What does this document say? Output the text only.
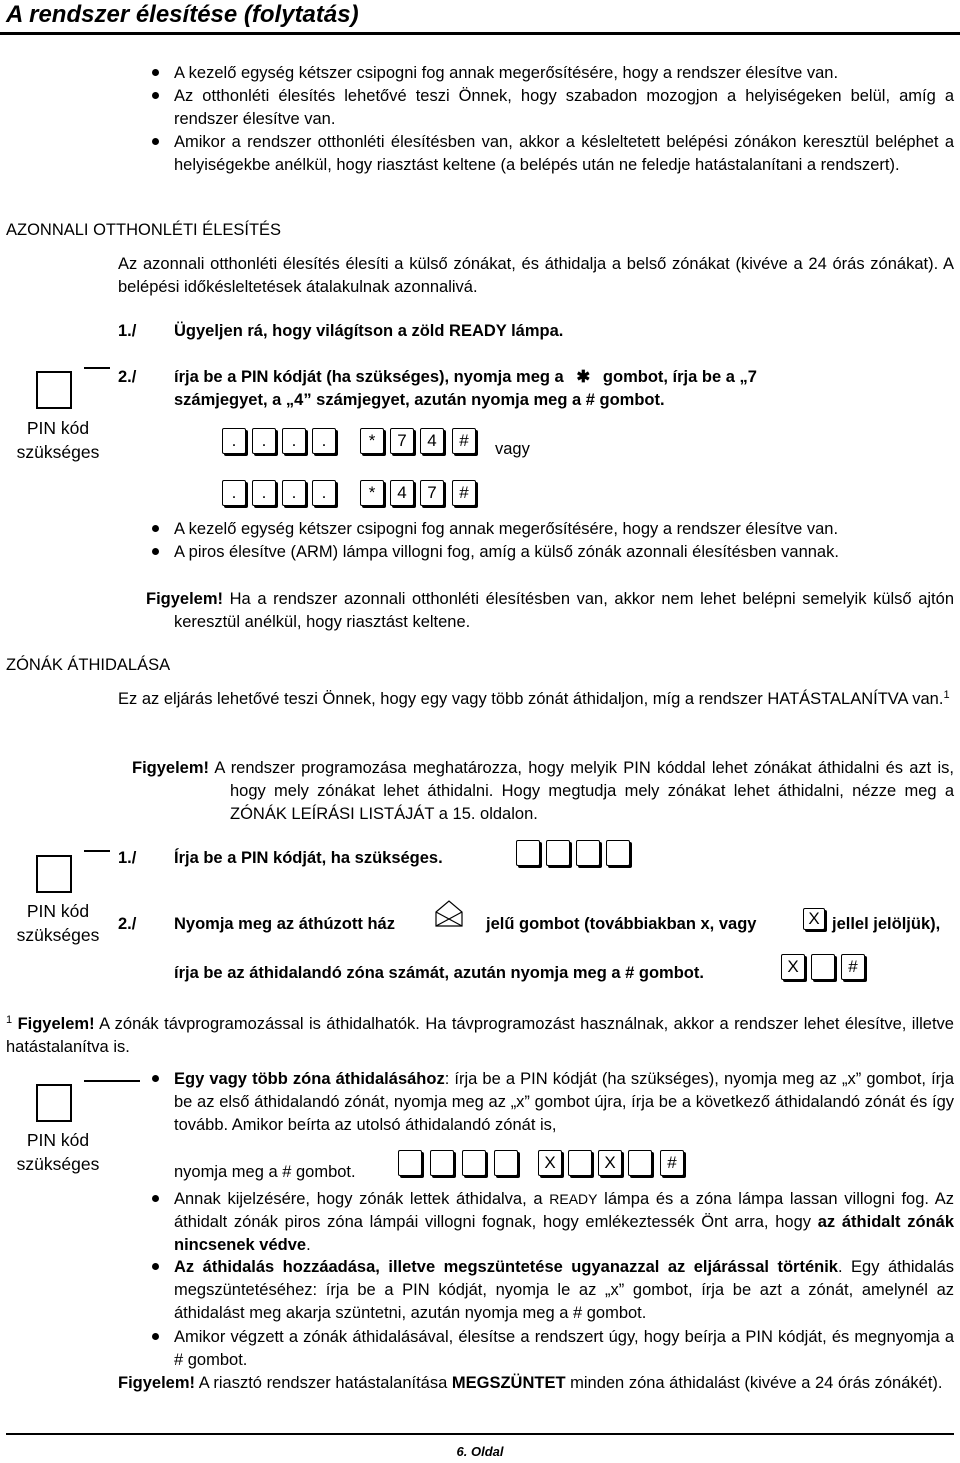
A rendszer élesítése (folytatás)
A kezelő egység kétszer csipogni fog annak megerősítésére, hogy a rendszer élesítve van.
Az otthonléti élesítés lehetővé teszi Önnek, hogy szabadon mozogjon a helyiségeken belül, amíg a rendszer élesítve van.
Amikor a rendszer otthonléti élesítésben van, akkor a késleltetett belépési zónákon keresztül beléphet a helyiségekbe anélkül, hogy riasztást keltene (a belépés után ne feledje hatástalanítani a rendszert).
AZONNALI OTTHONLÉTI ÉLESÍTÉS
Az azonnali otthonléti élesítés élesíti a külső zónákat, és áthidalja a belső zónákat (kivéve a 24 órás zónákat). A belépési időkésleltetések átalakulnak azonnalivá.
1./ Ügyeljen rá, hogy világítson a zöld READY lámpa.
PIN kód
szükséges
2./ írja be a PIN kódját (ha szükséges), nyomja meg a ✱ gombot, írja be a „7
számjegyet, a „4” számjegyet, azután nyomja meg a # gombot.
.	.	.	.	*	7	4	#	vagy
.	.	.	.	*	4	7	#
A kezelő egység kétszer csipogni fog annak megerősítésére, hogy a rendszer élesítve van.
A piros élesítve (ARM) lámpa villogni fog, amíg a külső zónák azonnali élesítésben vannak.
Figyelem! Ha a rendszer azonnali otthonléti élesítésben van, akkor nem lehet belépni semelyik külső ajtón keresztül anélkül, hogy riasztást keltene.
ZÓNÁK ÁTHIDALÁSA
Ez az eljárás lehetővé teszi Önnek, hogy egy vagy több zónát áthidaljon, míg a rendszer HATÁSTALANÍTVA van.$^1$
Figyelem! A rendszer programozása meghatározza, hogy melyik PIN kóddal lehet zónákat áthidalni és azt is, hogy mely zónákat lehet áthidalni. Hogy megtudja mely zónákat lehet áthidalni, nézze meg a ZÓNÁK LEÍRÁSI LISTÁJÁT a 15. oldalon.
PIN kód
szükséges
1./ Írja be a PIN kódját, ha szükséges.
2./ Nyomja meg az áthúzott ház	jelű gombot (továbbiakban x, vagy	X jellel jelöljük),
írja be az áthidalandó zóna számát, azután nyomja meg a # gombot.	X	#
$^1$ Figyelem! A zónák távprogramozással is áthidalhatók. Ha távprogramozást használnak, akkor a rendszer lehet élesítve, illetve hatástalanítva is.
PIN kód
szükséges
Egy vagy több zóna áthidalásához: írja be a PIN kódját (ha szükséges), nyomja meg az „x” gombot, írja be az első áthidalandó zónát, nyomja meg az „x” gombot újra, írja be a következő áthidalandó zónát és így tovább. Amikor beírta az utolsó áthidalandó zónát is,
nyomja meg a # gombot.	X	X	#
Annak kijelzésére, hogy zónák lettek áthidalva, a READY lámpa és a zóna lámpa lassan villogni fog. Az áthidalt zónák piros zóna lámpái villogni fognak, hogy emlékeztessék Önt arra, hogy az áthidalt zónák nincsenek védve.
Az áthidalás hozzáadása, illetve megszüntetése ugyanazzal az eljárással történik. Egy áthidalás megszüntetéséhez: írja be a PIN kódját, nyomja le az „x” gombot, írja be azt a zónát, amelynél az áthidalást meg akarja szüntetni, azután nyomja meg a # gombot.
Amikor végzett a zónák áthidalásával, élesítse a rendszert úgy, hogy beírja a PIN kódját, és megnyomja a # gombot.
Figyelem! A riasztó rendszer hatástalanítása MEGSZÜNTET minden zóna áthidalást (kivéve a 24 órás zónákét).
6. Oldal
